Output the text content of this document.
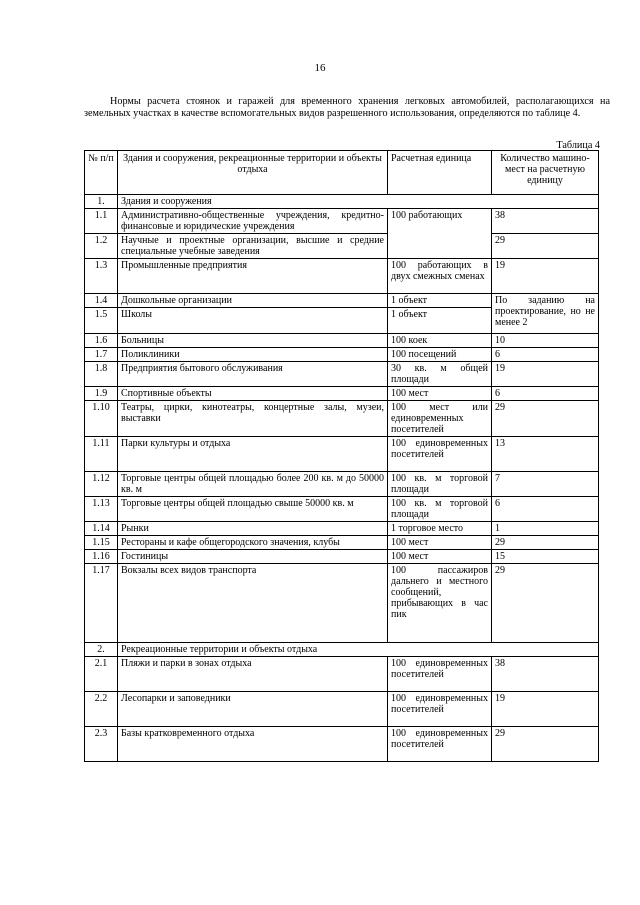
16
Нормы расчета стоянок и гаражей для временного хранения легковых автомобилей, располагающихся на земельных участках в качестве вспомогательных видов разрешенного использования, определяются по таблице 4.
Таблица 4
№ п/п	Здания и сооружения, рекреационные территории и объекты отдыха	Расчетная единица	Количество машино-мест на расчетную единицу
1.	Здания и сооружения		
1.1	Административно-общественные учреждения, кредитно-финансовые и юридические учреждения	100 работающих	38
1.2	Научные и проектные организации, высшие и средние специальные учебные заведения		29
1.3	Промышленные предприятия	100 работающих в двух смежных сменах	19
1.4	Дошкольные организации	1 объект	По заданию на проектирование, но не менее 2
1.5	Школы	1 объект	
1.6	Больницы	100 коек	10
1.7	Поликлиники	100 посещений	6
1.8	Предприятия бытового обслуживания	30 кв. м общей площади	19
1.9	Спортивные объекты	100 мест	6
1.10	Театры, цирки, кинотеатры, концертные залы, музеи, выставки	100 мест или единовременных посетителей	29
1.11	Парки культуры и отдыха	100 единовременных посетителей	13
1.12	Торговые центры общей площадью более 200 кв. м до 50000 кв. м	100 кв. м торговой площади	7
1.13	Торговые центры общей площадью свыше 50000 кв. м	100 кв. м торговой площади	6
1.14	Рынки	1 торговое место	1
1.15	Рестораны и кафе общегородского значения, клубы	100 мест	29
1.16	Гостиницы	100 мест	15
1.17	Вокзалы всех видов транспорта	100 пассажиров дальнего и местного сообщений, прибывающих в час пик	29
2.	Рекреационные территории и объекты отдыха		
2.1	Пляжи и парки в зонах отдыха	100 единовременных посетителей	38
2.2	Лесопарки и заповедники	100 единовременных посетителей	19
2.3	Базы кратковременного отдыха	100 единовременных посетителей	29
